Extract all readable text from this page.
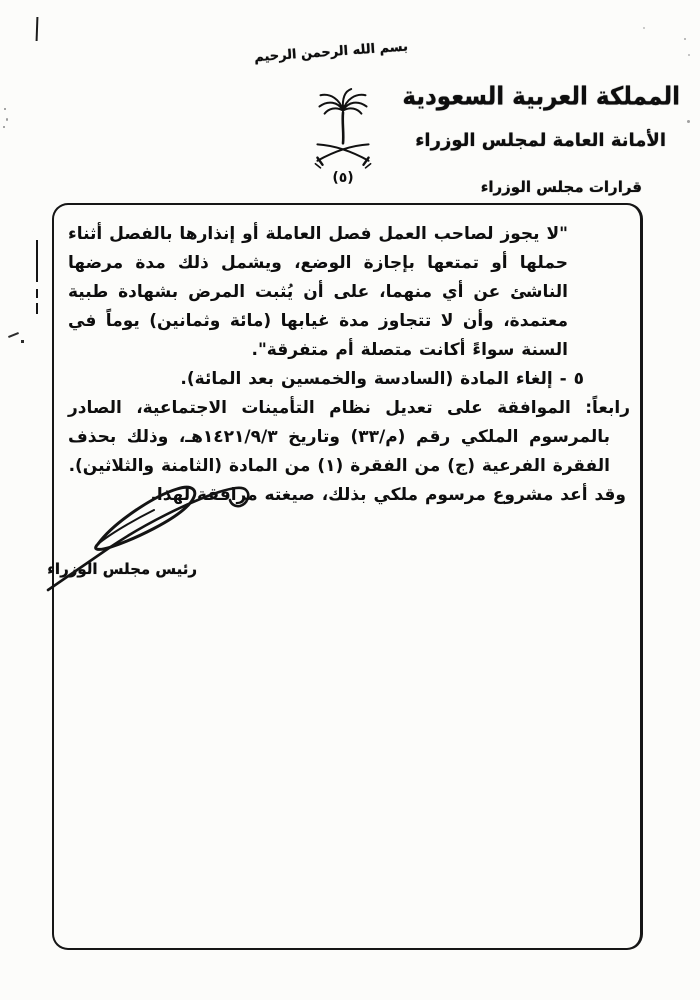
بسم الله الرحمن الرحيم
(٥)
المملكة العربية السعودية
الأمانة العامة لمجلس الوزراء
قرارات مجلس الوزراء

"لا يجوز لصاحب العمل فصل العاملة أو إنذارها بالفصل أثناء حملها أو تمتعها بإجازة الوضع، ويشمل ذلك مدة مرضها الناشئ عن أي منهما، على أن يُثبت المرض بشهادة طبية معتمدة، وأن لا تتجاوز مدة غيابها (مائة وثمانين) يوماً في السنة سواءً أكانت متصلة أم متفرقة".

٥ - إلغاء المادة (السادسة والخمسين بعد المائة).

رابعاً: الموافقة على تعديل نظام التأمينات الاجتماعية، الصادر بالمرسوم الملكي رقم (م/٣٣) وتاريخ ١٤٢١/٩/٣هـ، وذلك بحذف الفقرة الفرعية (ج) من الفقرة (١) من المادة (الثامنة والثلاثين).

وقد أعد مشروع مرسوم ملكي بذلك، صيغته مرافقة لهذا.

رئيس مجلس الوزراء
